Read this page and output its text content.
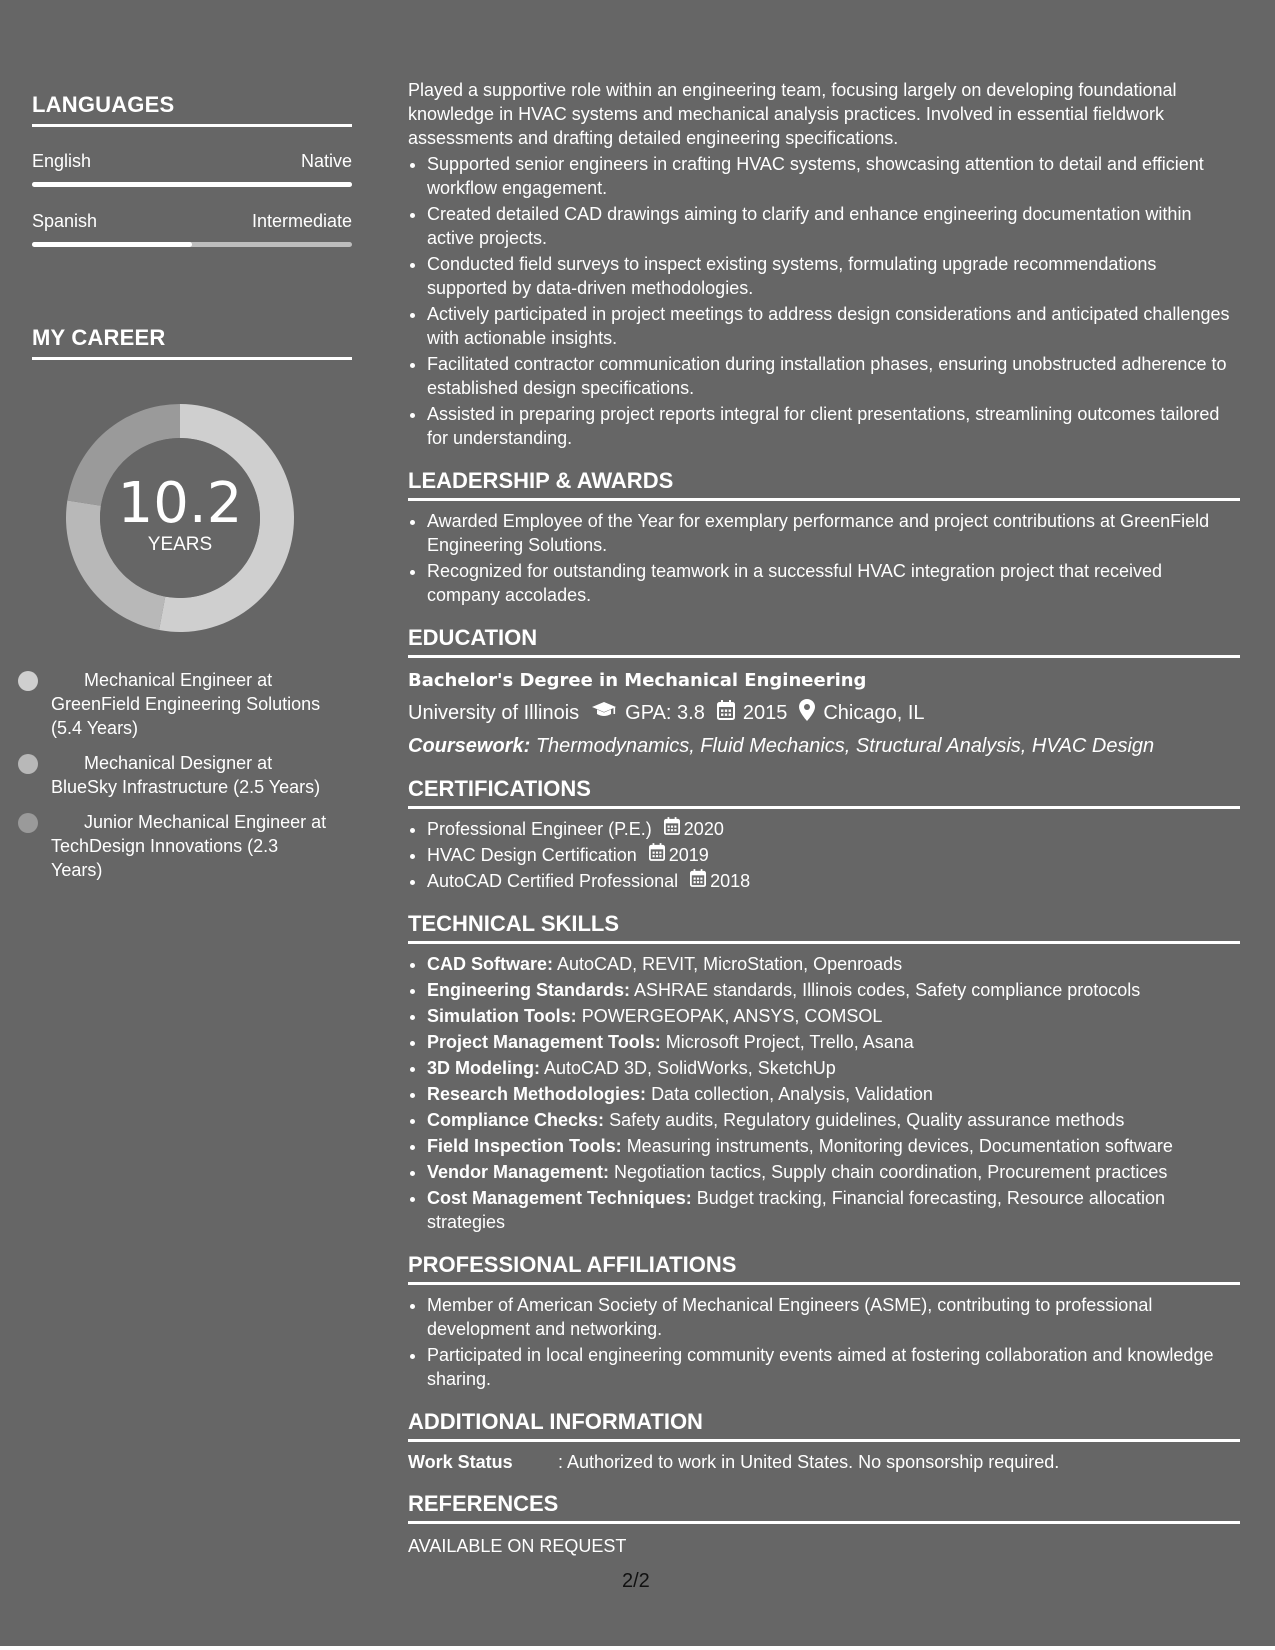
LANGUAGES
English	Native
Spanish	Intermediate
MY CAREER
10.2
YEARS
Mechanical Engineer at GreenField Engineering Solutions (5.4 Years)
Mechanical Designer at BlueSky Infrastructure (2.5 Years)
Junior Mechanical Engineer at TechDesign Innovations (2.3 Years)

Played a supportive role within an engineering team, focusing largely on developing foundational knowledge in HVAC systems and mechanical analysis practices. Involved in essential fieldwork assessments and drafting detailed engineering specifications.

• Supported senior engineers in crafting HVAC systems, showcasing attention to detail and efficient workflow engagement.
• Created detailed CAD drawings aiming to clarify and enhance engineering documentation within active projects.
• Conducted field surveys to inspect existing systems, formulating upgrade recommendations supported by data-driven methodologies.
• Actively participated in project meetings to address design considerations and anticipated challenges with actionable insights.
• Facilitated contractor communication during installation phases, ensuring unobstructed adherence to established design specifications.
• Assisted in preparing project reports integral for client presentations, streamlining outcomes tailored for understanding.
LEADERSHIP & AWARDS
• Awarded Employee of the Year for exemplary performance and project contributions at GreenField Engineering Solutions.
• Recognized for outstanding teamwork in a successful HVAC integration project that received company accolades.
EDUCATION
Bachelor's Degree in Mechanical Engineering
University of Illinois GPA: 3.8 2015 Chicago, IL
Coursework: Thermodynamics, Fluid Mechanics, Structural Analysis, HVAC Design
CERTIFICATIONS
• Professional Engineer (P.E.) 2020
• HVAC Design Certification 2019
• AutoCAD Certified Professional 2018
TECHNICAL SKILLS
• CAD Software: AutoCAD, REVIT, MicroStation, Openroads
• Engineering Standards: ASHRAE standards, Illinois codes, Safety compliance protocols
• Simulation Tools: POWERGEOPAK, ANSYS, COMSOL
• Project Management Tools: Microsoft Project, Trello, Asana
• 3D Modeling: AutoCAD 3D, SolidWorks, SketchUp
• Research Methodologies: Data collection, Analysis, Validation
• Compliance Checks: Safety audits, Regulatory guidelines, Quality assurance methods
• Field Inspection Tools: Measuring instruments, Monitoring devices, Documentation software
• Vendor Management: Negotiation tactics, Supply chain coordination, Procurement practices
• Cost Management Techniques: Budget tracking, Financial forecasting, Resource allocation strategies
PROFESSIONAL AFFILIATIONS
• Member of American Society of Mechanical Engineers (ASME), contributing to professional development and networking.
• Participated in local engineering community events aimed at fostering collaboration and knowledge sharing.
ADDITIONAL INFORMATION
Work Status	: Authorized to work in United States. No sponsorship required.
REFERENCES
AVAILABLE ON REQUEST
2/2
